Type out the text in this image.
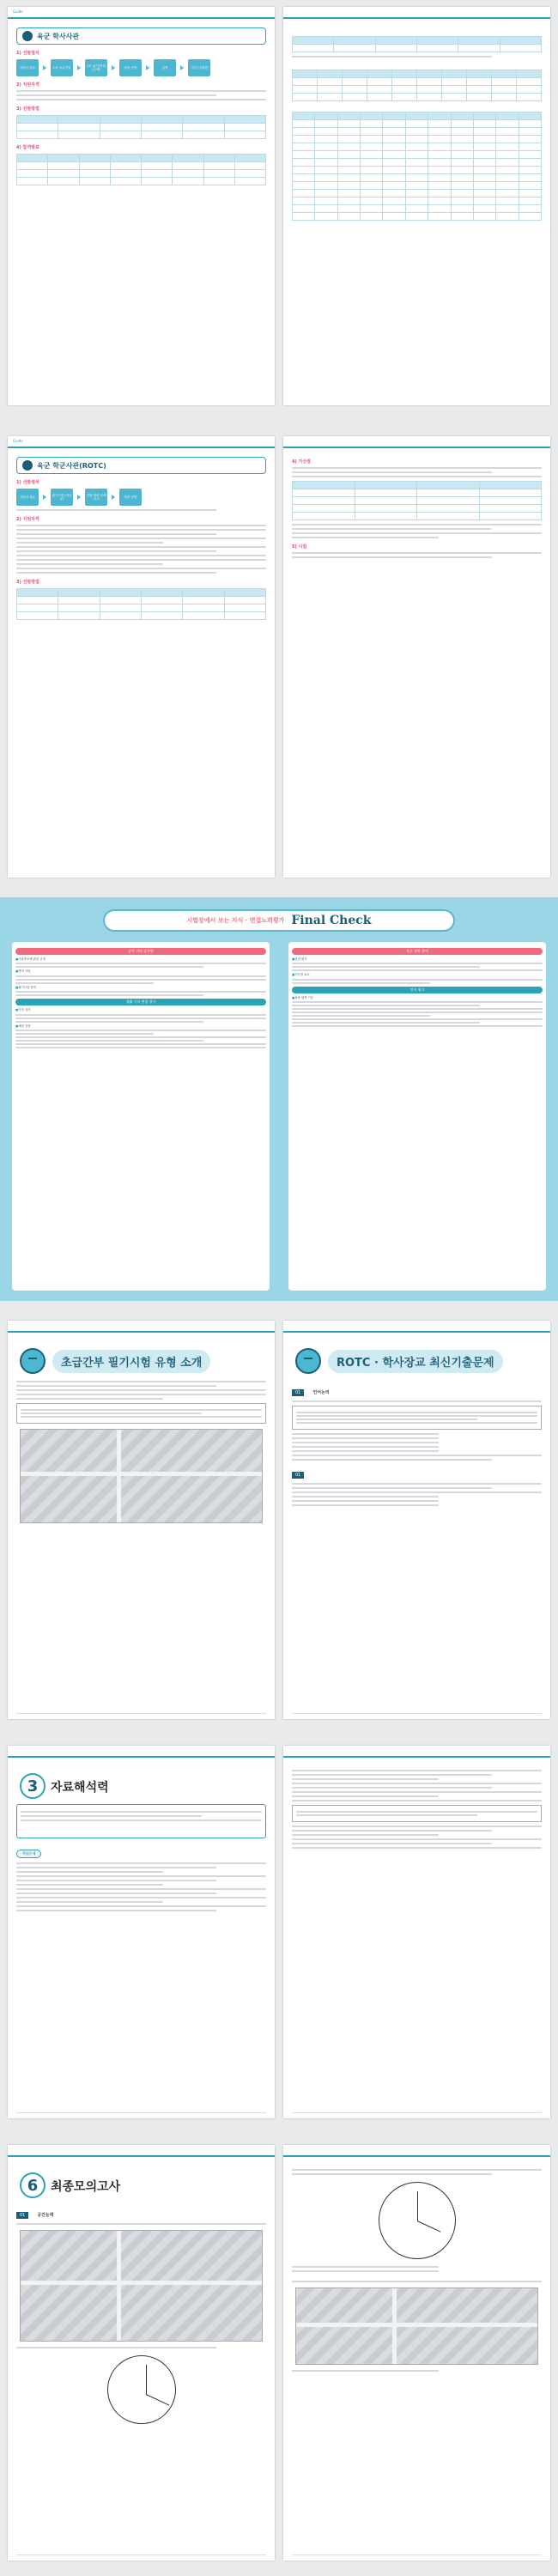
Guide
육군 학사사관
1) 선발절차
지원서 접수	1차 서류전형
2차 필기/면접 (신체)
최종 선발	입영	기본군사훈련
2) 지원자격
3) 선발방법

4) 합격발표

Guide
육군 학군사관(ROTC)
1) 선발절차
지원서 접수
필기시험 (적성 등)
면접·체력 신체검사
최종 선발
2) 지원자격
3) 선발방법

4) 가산점

5) 시험
시험장에서 보는 지식 · 면접노력평가 Final Check
공무 기타 공무원
■ 사관후보생 관련 규정
■ 병역 사항
■ 필기시험 영역
생활 기타 면접 평가
■ 인성 검사
■ 체력 검정
육군 정보 참여
■ 면접 평가
■ 가산점 요소
인지 평가
■ 최종 합격 기준
초급간부 필기시험 유형 소개	ROTC · 학사장교 최신기출문제
01	언어논리
01
3	자료해석력
핵심문제
6	최종모의고사
01	공간능력
